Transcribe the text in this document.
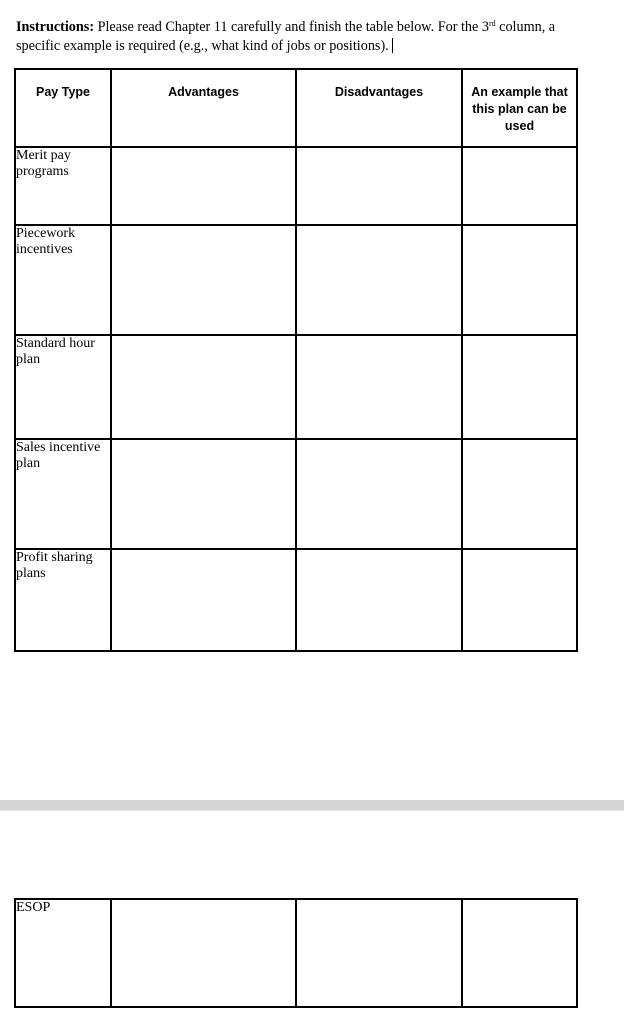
Instructions: Please read Chapter 11 carefully and finish the table below. For the 3rd column, a specific example is required (e.g., what kind of jobs or positions).
Pay Type	Advantages	Disadvantages	An example that this plan can be used

Merit pay programs			

Piecework incentives			

Standard hour plan			

Sales incentive plan			

Profit sharing plans			

ESOP
